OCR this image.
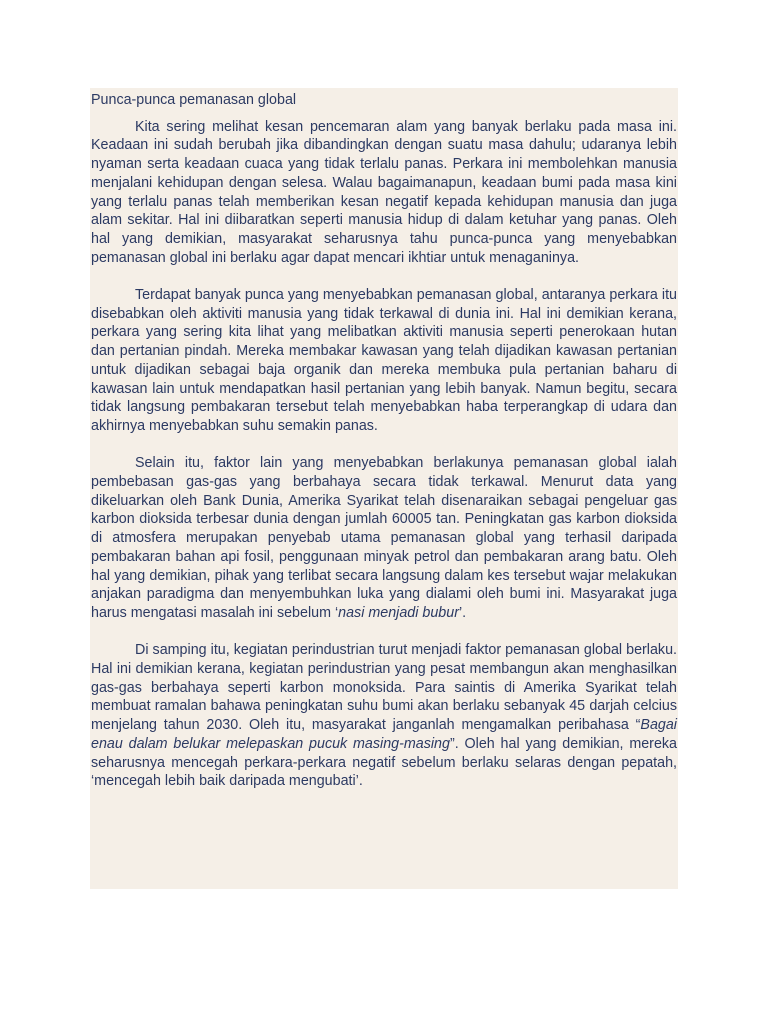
Punca-punca pemanasan global

Kita sering melihat kesan pencemaran alam yang banyak berlaku pada masa ini. Keadaan ini sudah berubah jika dibandingkan dengan suatu masa dahulu; udaranya lebih nyaman serta keadaan cuaca yang tidak terlalu panas. Perkara ini membolehkan manusia menjalani kehidupan dengan selesa. Walau bagaimanapun, keadaan bumi pada masa kini yang terlalu panas telah memberikan kesan negatif kepada kehidupan manusia dan juga alam sekitar. Hal ini diibaratkan seperti manusia hidup di dalam ketuhar yang panas. Oleh hal yang demikian, masyarakat seharusnya tahu punca-punca yang menyebabkan pemanasan global ini berlaku agar dapat mencari ikhtiar untuk menaganinya.

Terdapat banyak punca yang menyebabkan pemanasan global, antaranya perkara itu disebabkan oleh aktiviti manusia yang tidak terkawal di dunia ini. Hal ini demikian kerana, perkara yang sering kita lihat yang melibatkan aktiviti manusia seperti penerokaan hutan dan pertanian pindah. Mereka membakar kawasan yang telah dijadikan kawasan pertanian untuk dijadikan sebagai baja organik dan mereka membuka pula pertanian baharu di kawasan lain untuk mendapatkan hasil pertanian yang lebih banyak. Namun begitu, secara tidak langsung pembakaran tersebut telah menyebabkan haba terperangkap di udara dan akhirnya menyebabkan suhu semakin panas.

Selain itu, faktor lain yang menyebabkan berlakunya pemanasan global ialah pembebasan gas-gas yang berbahaya secara tidak terkawal. Menurut data yang dikeluarkan oleh Bank Dunia, Amerika Syarikat telah disenaraikan sebagai pengeluar gas karbon dioksida terbesar dunia dengan jumlah 60005 tan. Peningkatan gas karbon dioksida di atmosfera merupakan penyebab utama pemanasan global yang terhasil daripada pembakaran bahan api fosil, penggunaan minyak petrol dan pembakaran arang batu. Oleh hal yang demikian, pihak yang terlibat secara langsung dalam kes tersebut wajar melakukan anjakan paradigma dan menyembuhkan luka yang dialami oleh bumi ini. Masyarakat juga harus mengatasi masalah ini sebelum ‘nasi menjadi bubur’.

Di samping itu, kegiatan perindustrian turut menjadi faktor pemanasan global berlaku. Hal ini demikian kerana, kegiatan perindustrian yang pesat membangun akan menghasilkan gas-gas berbahaya seperti karbon monoksida. Para saintis di Amerika Syarikat telah membuat ramalan bahawa peningkatan suhu bumi akan berlaku sebanyak 45 darjah celcius menjelang tahun 2030. Oleh itu, masyarakat janganlah mengamalkan peribahasa “Bagai enau dalam belukar melepaskan pucuk masing-masing”. Oleh hal yang demikian, mereka seharusnya mencegah perkara-perkara negatif sebelum berlaku selaras dengan pepatah, ‘mencegah lebih baik daripada mengubati’.
